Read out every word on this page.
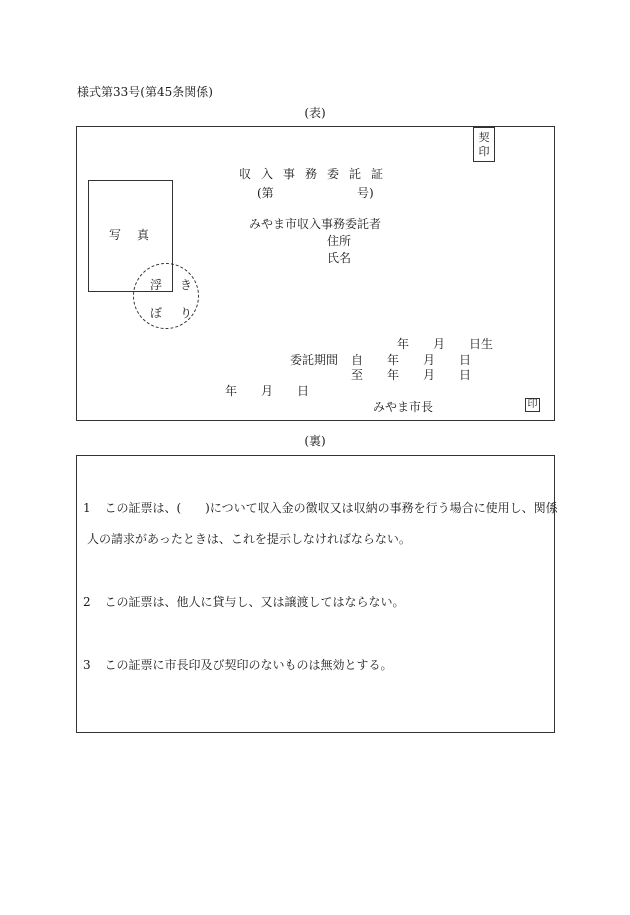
様式第33号(第45条関係)
(表)
契印
収入事務委託証
(第	号)
写真
浮き
ぼり
みやま市収入事務委託者
住所
氏名
年 月 日生
委託期間 自 年 月 日
至 年 月 日
年 月 日
みやま市長	印
(裏)
1 この証票は、(　　)について収入金の徴収又は収納の事務を行う場合に使用し、関係
人の請求があったときは、これを提示しなければならない。
2 この証票は、他人に貸与し、又は譲渡してはならない。
3 この証票に市長印及び契印のないものは無効とする。
